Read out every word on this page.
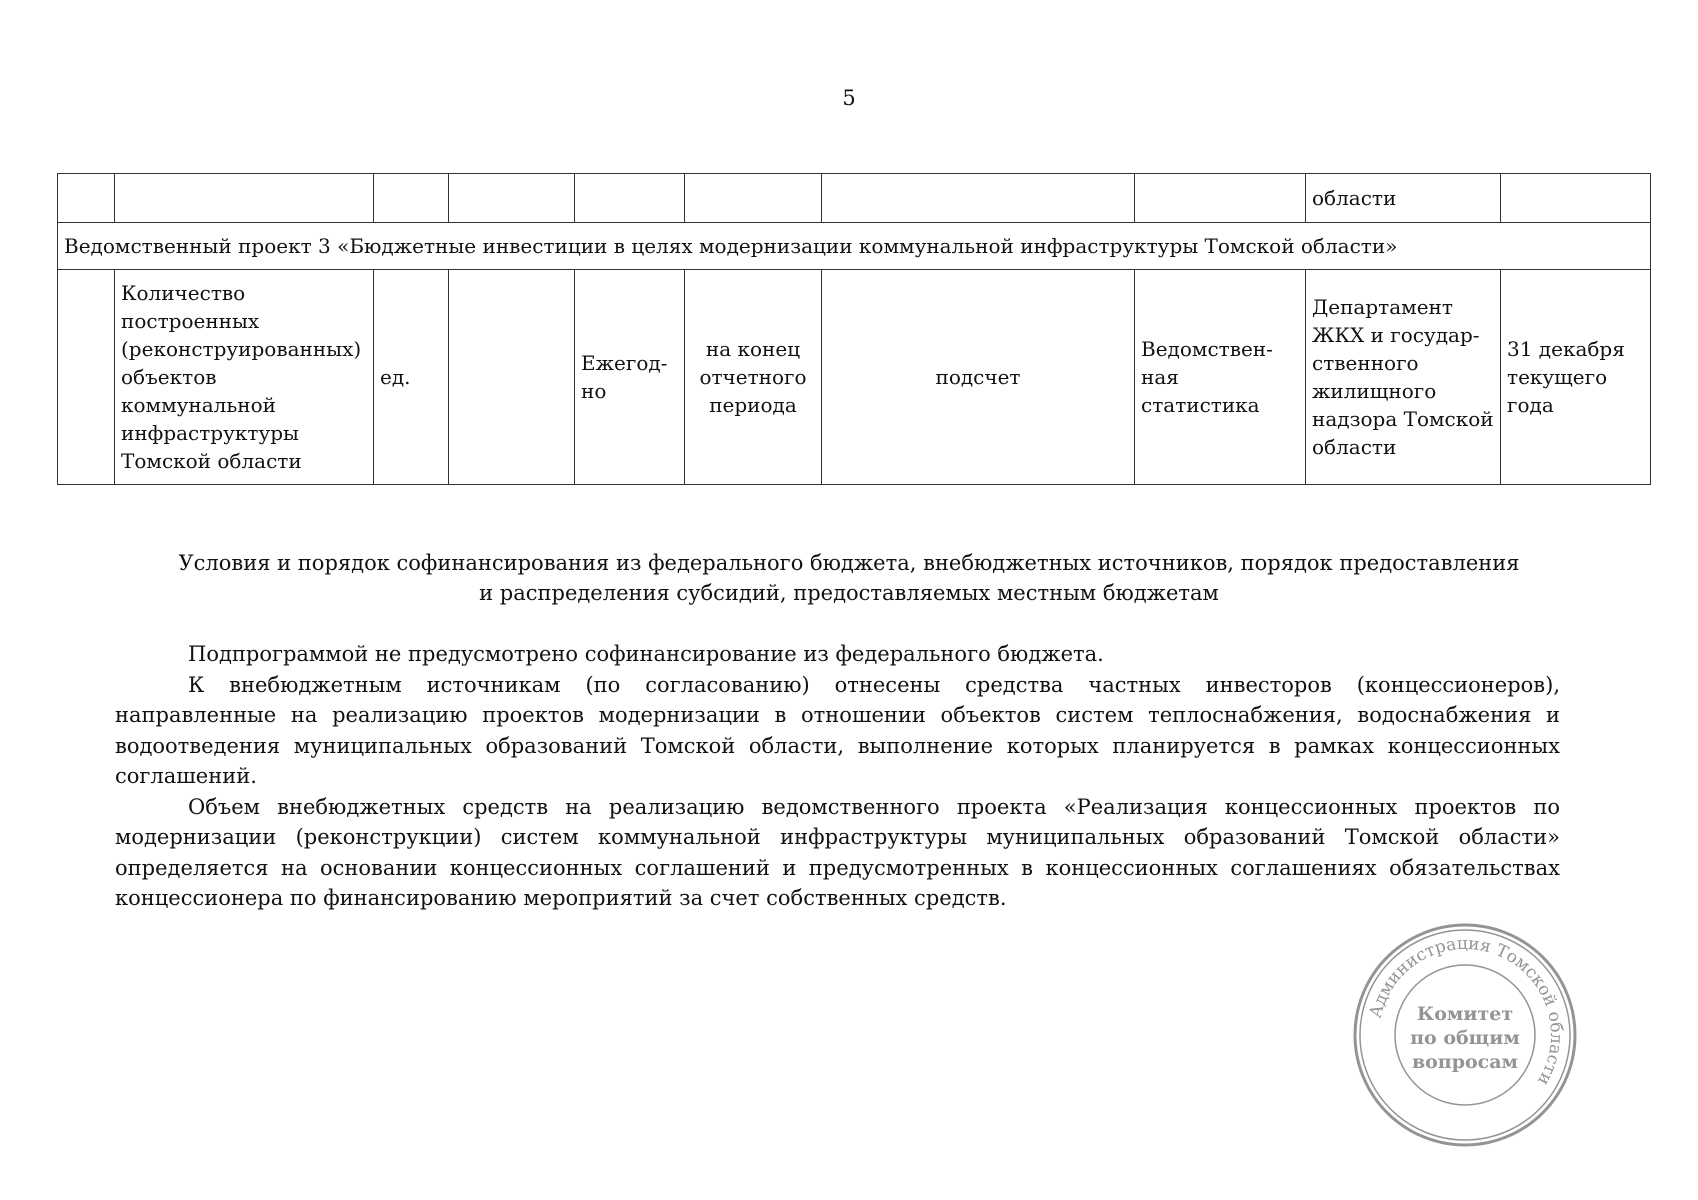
5
								области	
Ведомственный проект 3 «Бюджетные инвестиции в целях модернизации коммунальной инфраструктуры Томской области»									
	Количество построенных (реконструированных) объектов коммунальной инфраструктуры Томской области	ед.		Ежегод-но	на конец отчетного периода	подсчет	Ведомствен-ная статистика	Департамент ЖКХ и государ-ственного жилищного надзора Томской области	31 декабря текущего года
Условия и порядок софинансирования из федерального бюджета, внебюджетных источников, порядок предоставления
и распределения субсидий, предоставляемых местным бюджетам

Подпрограммой не предусмотрено софинансирование из федерального бюджета.

К внебюджетным источникам (по согласованию) отнесены средства частных инвесторов (концессионеров), направленные на реализацию проектов модернизации в отношении объектов систем теплоснабжения, водоснабжения и водоотведения муниципальных образований Томской области, выполнение которых планируется в рамках концессионных соглашений.

Объем внебюджетных средств на реализацию ведомственного проекта «Реализация концессионных проектов по модернизации (реконструкции) систем коммунальной инфраструктуры муниципальных образований Томской области» определяется на основании концессионных соглашений и предусмотренных в концессионных соглашениях обязательствах концессионера по финансированию мероприятий за счет собственных средств.

Администрация Томской области
Комитет
по общим
вопросам
